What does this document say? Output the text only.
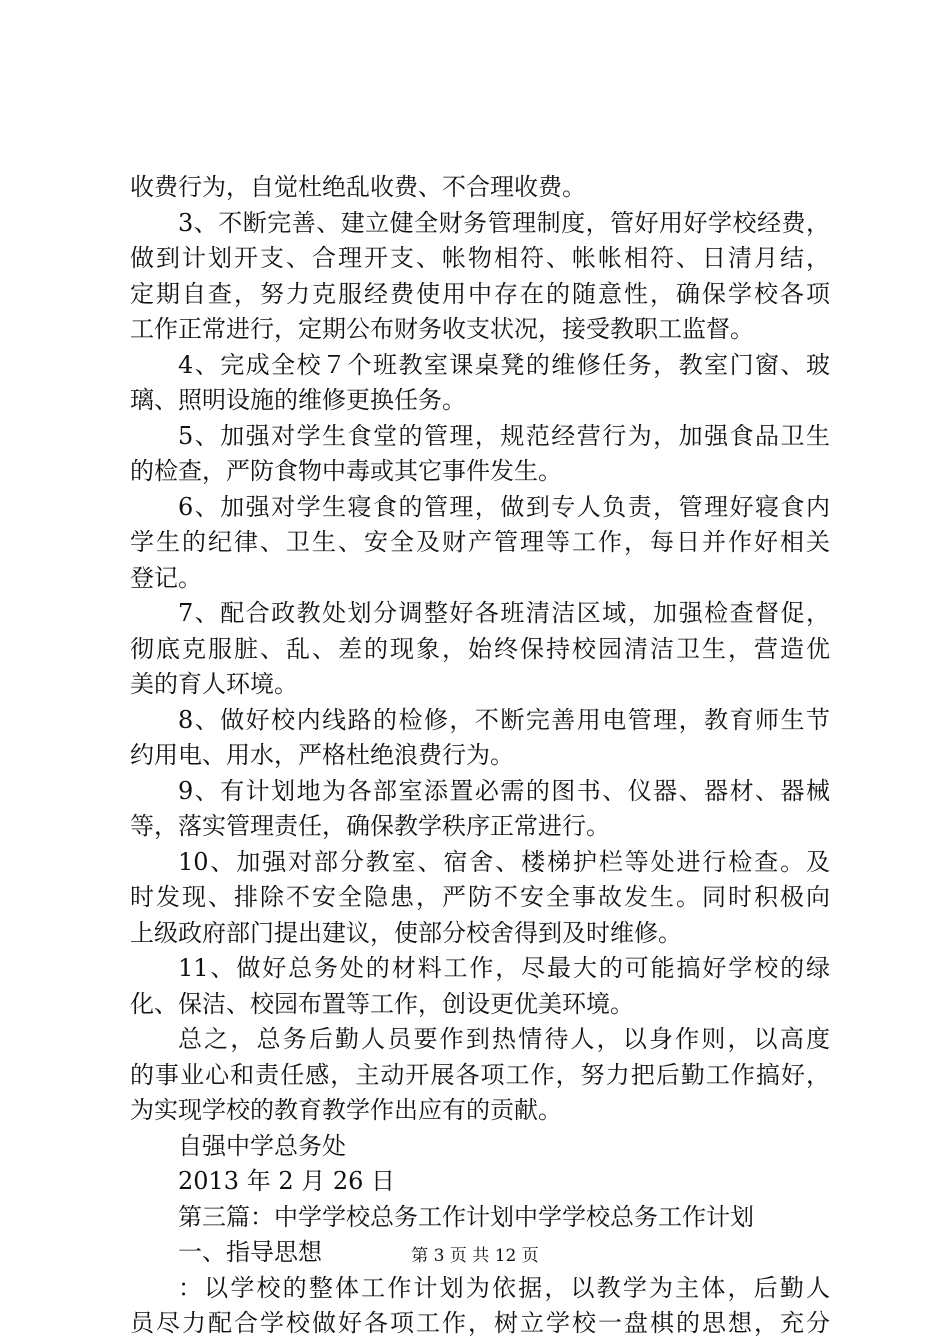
收费行为，自觉杜绝乱收费、不合理收费。
3、不断完善、建立健全财务管理制度，管好用好学校经费，
做到计划开支、合理开支、帐物相符、帐帐相符、日清月结，
定期自查，努力克服经费使用中存在的随意性，确保学校各项
工作正常进行，定期公布财务收支状况，接受教职工监督。
4、完成全校７个班教室课桌凳的维修任务，教室门窗、玻
璃、照明设施的维修更换任务。
5、加强对学生食堂的管理，规范经营行为，加强食品卫生
的检查，严防食物中毒或其它事件发生。
6、加强对学生寝食的管理，做到专人负责，管理好寝食内
学生的纪律、卫生、安全及财产管理等工作，每日并作好相关
登记。
7、配合政教处划分调整好各班清洁区域，加强检查督促，
彻底克服脏、乱、差的现象，始终保持校园清洁卫生，营造优
美的育人环境。
8、做好校内线路的检修，不断完善用电管理，教育师生节
约用电、用水，严格杜绝浪费行为。
9、有计划地为各部室添置必需的图书、仪器、器材、器械
等，落实管理责任，确保教学秩序正常进行。
10、加强对部分教室、宿舍、楼梯护栏等处进行检查。及
时发现、排除不安全隐患，严防不安全事故发生。同时积极向
上级政府部门提出建议，使部分校舍得到及时维修。
11、做好总务处的材料工作，尽最大的可能搞好学校的绿
化、保洁、校园布置等工作，创设更优美环境。
总之，总务后勤人员要作到热情待人，以身作则，以高度
的事业心和责任感，主动开展各项工作，努力把后勤工作搞好，
为实现学校的教育教学作出应有的贡献。
自强中学总务处
2013 年 2 月 26 日
第三篇：中学学校总务工作计划中学学校总务工作计划
一、指导思想
：以学校的整体工作计划为依据，以教学为主体，后勤人
员尽力配合学校做好各项工作，树立学校一盘棋的思想，充分
第 3 页 共 12 页
